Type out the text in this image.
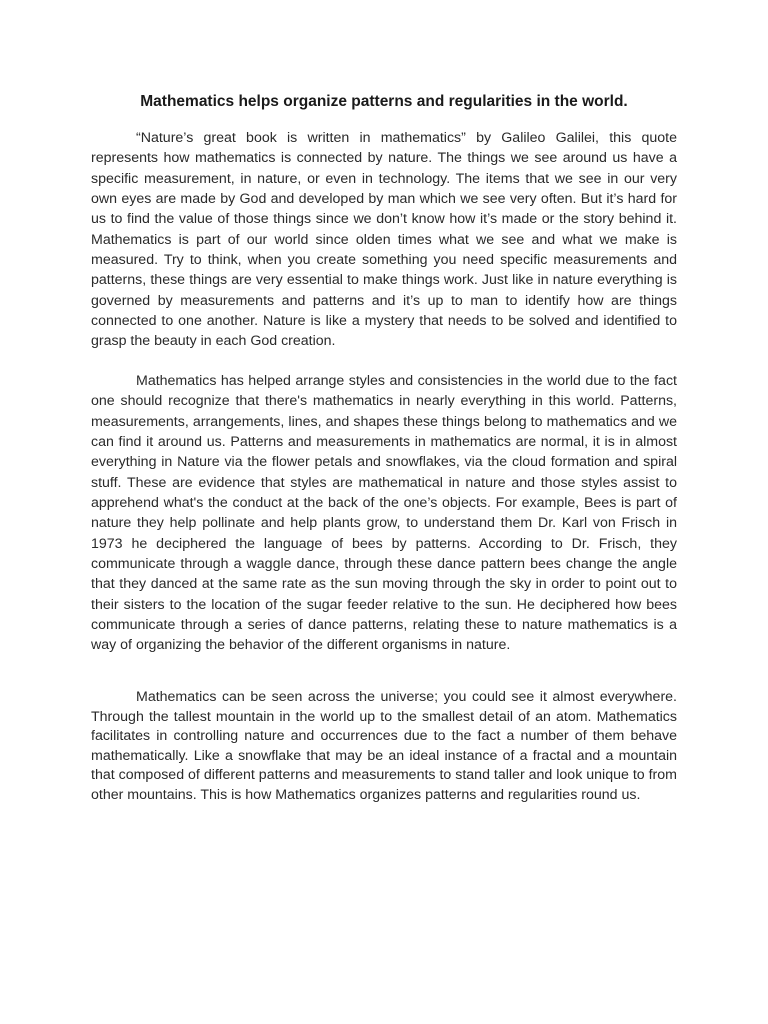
Mathematics helps organize patterns and regularities in the world.

“Nature’s great book is written in mathematics” by Galileo Galilei, this quote represents how mathematics is connected by nature. The things we see around us have a specific measurement, in nature, or even in technology. The items that we see in our very own eyes are made by God and developed by man which we see very often. But it’s hard for us to find the value of those things since we don’t know how it’s made or the story behind it. Mathematics is part of our world since olden times what we see and what we make is measured. Try to think, when you create something you need specific measurements and patterns, these things are very essential to make things work. Just like in nature everything is governed by measurements and patterns and it’s up to man to identify how are things connected to one another. Nature is like a mystery that needs to be solved and identified to grasp the beauty in each God creation.

Mathematics has helped arrange styles and consistencies in the world due to the fact one should recognize that there's mathematics in nearly everything in this world. Patterns, measurements, arrangements, lines, and shapes these things belong to mathematics and we can find it around us. Patterns and measurements in mathematics are normal, it is in almost everything in Nature via the flower petals and snowflakes, via the cloud formation and spiral stuff. These are evidence that styles are mathematical in nature and those styles assist to apprehend what's the conduct at the back of the one’s objects. For example, Bees is part of nature they help pollinate and help plants grow, to understand them Dr. Karl von Frisch in 1973 he deciphered the language of bees by patterns. According to Dr. Frisch, they communicate through a waggle dance, through these dance pattern bees change the angle that they danced at the same rate as the sun moving through the sky in order to point out to their sisters to the location of the sugar feeder relative to the sun. He deciphered how bees communicate through a series of dance patterns, relating these to nature mathematics is a way of organizing the behavior of the different organisms in nature.

Mathematics can be seen across the universe; you could see it almost everywhere. Through the tallest mountain in the world up to the smallest detail of an atom. Mathematics facilitates in controlling nature and occurrences due to the fact a number of them behave mathematically. Like a snowflake that may be an ideal instance of a fractal and a mountain that composed of different patterns and measurements to stand taller and look unique to from other mountains. This is how Mathematics organizes patterns and regularities round us.
